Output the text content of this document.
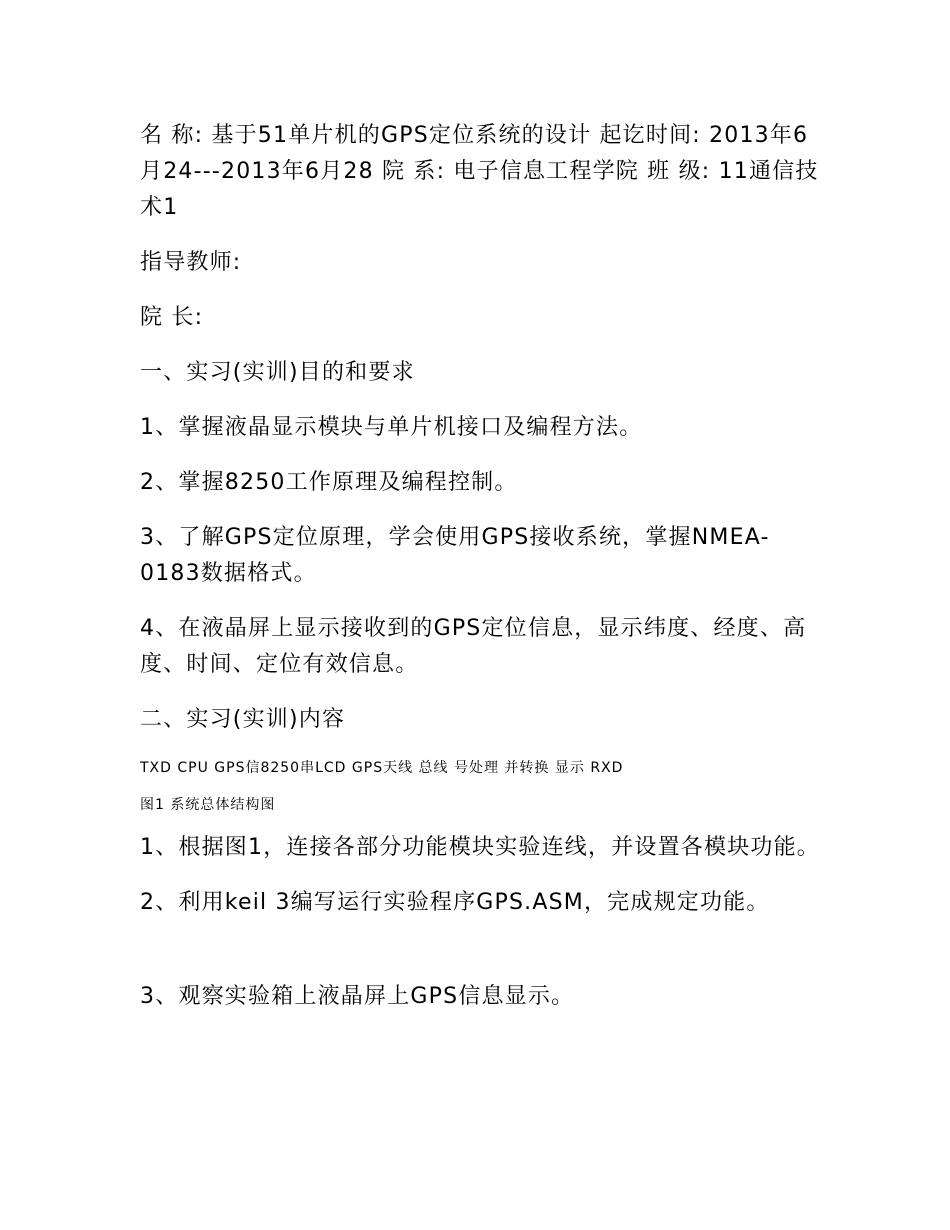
名 称: 基于51单片机的GPS定位系统的设计 起讫时间: 2013年6月24---2013年6月28 院 系: 电子信息工程学院 班 级: 11通信技术1

指导教师:

院 长:

一、实习(实训)目的和要求

1、掌握液晶显示模块与单片机接口及编程方法。

2、掌握8250工作原理及编程控制。

3、了解GPS定位原理，学会使用GPS接收系统，掌握NMEA-0183数据格式。

4、在液晶屏上显示接收到的GPS定位信息，显示纬度、经度、高度、时间、定位有效信息。

二、实习(实训)内容

TXD CPU GPS信8250串LCD GPS天线 总线 号处理 并转换 显示 RXD

图1 系统总体结构图

1、根据图1，连接各部分功能模块实验连线，并设置各模块功能。

2、利用keil 3编写运行实验程序GPS.ASM，完成规定功能。

3、观察实验箱上液晶屏上GPS信息显示。
